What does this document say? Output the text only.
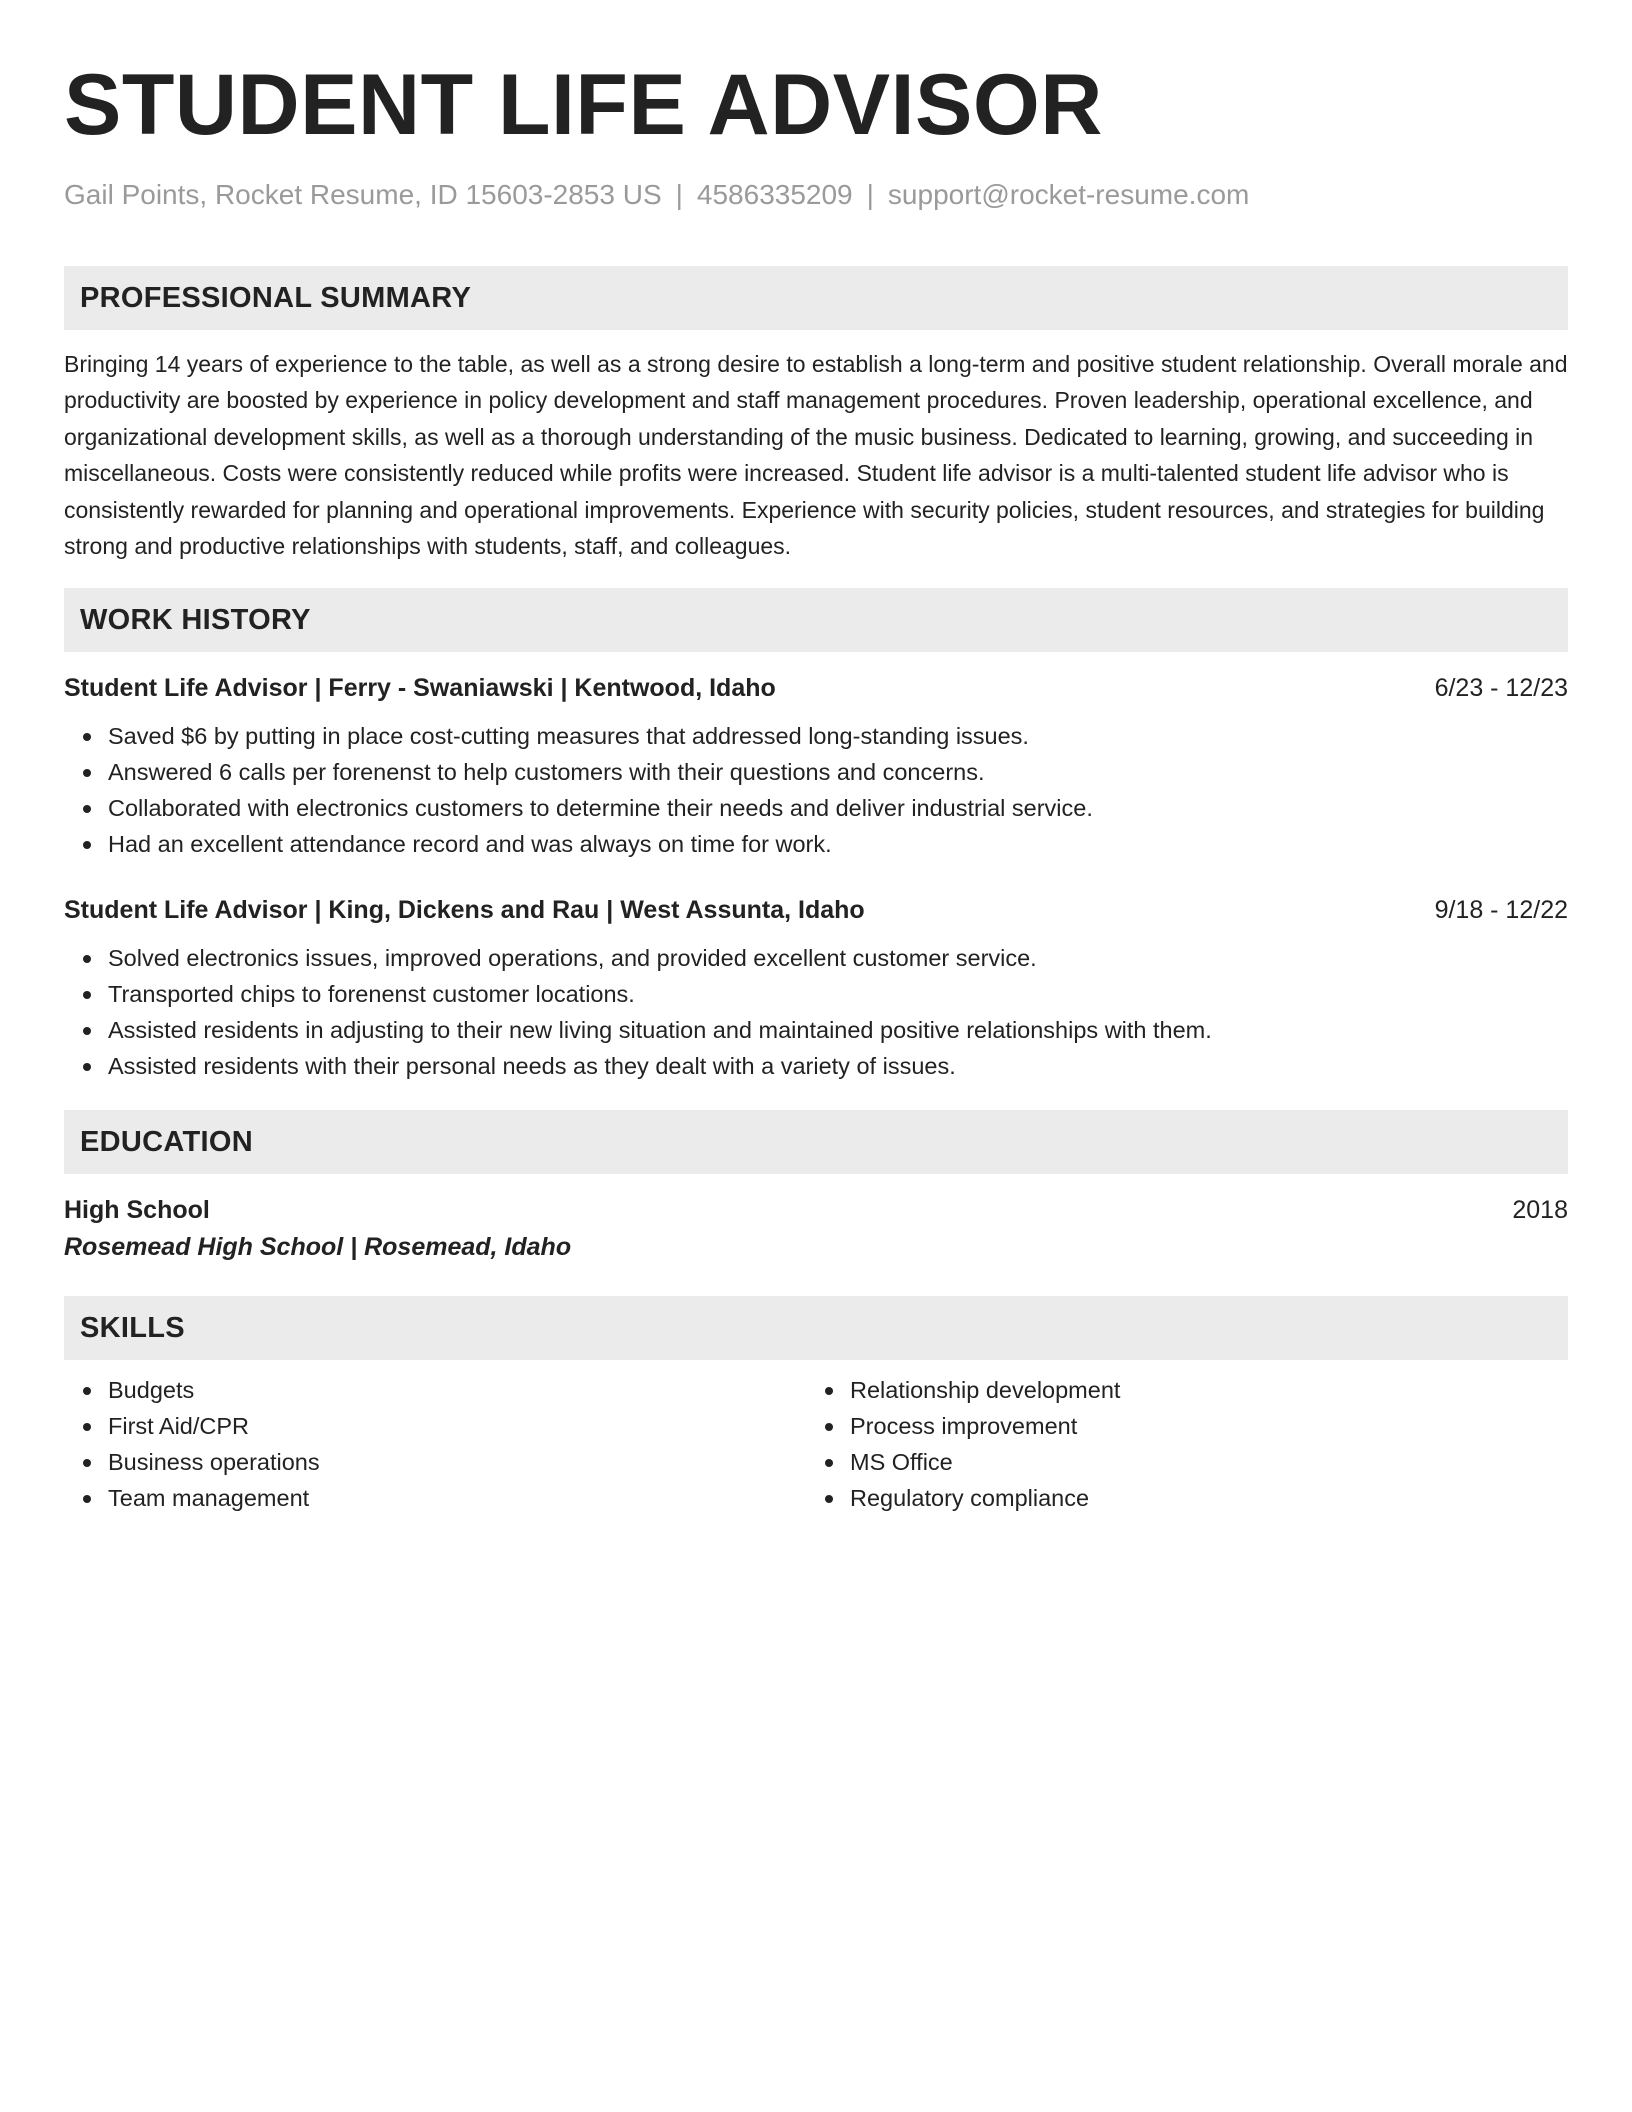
STUDENT LIFE ADVISOR
Gail Points, Rocket Resume, ID 15603-2853 US | 4586335209 | support@rocket-resume.com
PROFESSIONAL SUMMARY
Bringing 14 years of experience to the table, as well as a strong desire to establish a long-term and positive student relationship. Overall morale and productivity are boosted by experience in policy development and staff management procedures. Proven leadership, operational excellence, and organizational development skills, as well as a thorough understanding of the music business. Dedicated to learning, growing, and succeeding in miscellaneous. Costs were consistently reduced while profits were increased. Student life advisor is a multi-talented student life advisor who is consistently rewarded for planning and operational improvements. Experience with security policies, student resources, and strategies for building strong and productive relationships with students, staff, and colleagues.
WORK HISTORY
Student Life Advisor | Ferry - Swaniawski | Kentwood, Idaho	6/23 - 12/23
Saved $6 by putting in place cost-cutting measures that addressed long-standing issues.
Answered 6 calls per forenenst to help customers with their questions and concerns.
Collaborated with electronics customers to determine their needs and deliver industrial service.
Had an excellent attendance record and was always on time for work.
Student Life Advisor | King, Dickens and Rau | West Assunta, Idaho	9/18 - 12/22
Solved electronics issues, improved operations, and provided excellent customer service.
Transported chips to forenenst customer locations.
Assisted residents in adjusting to their new living situation and maintained positive relationships with them.
Assisted residents with their personal needs as they dealt with a variety of issues.
EDUCATION
High School	2018
Rosemead High School | Rosemead, Idaho
SKILLS
Budgets
First Aid/CPR
Business operations
Team management
Relationship development
Process improvement
MS Office
Regulatory compliance
